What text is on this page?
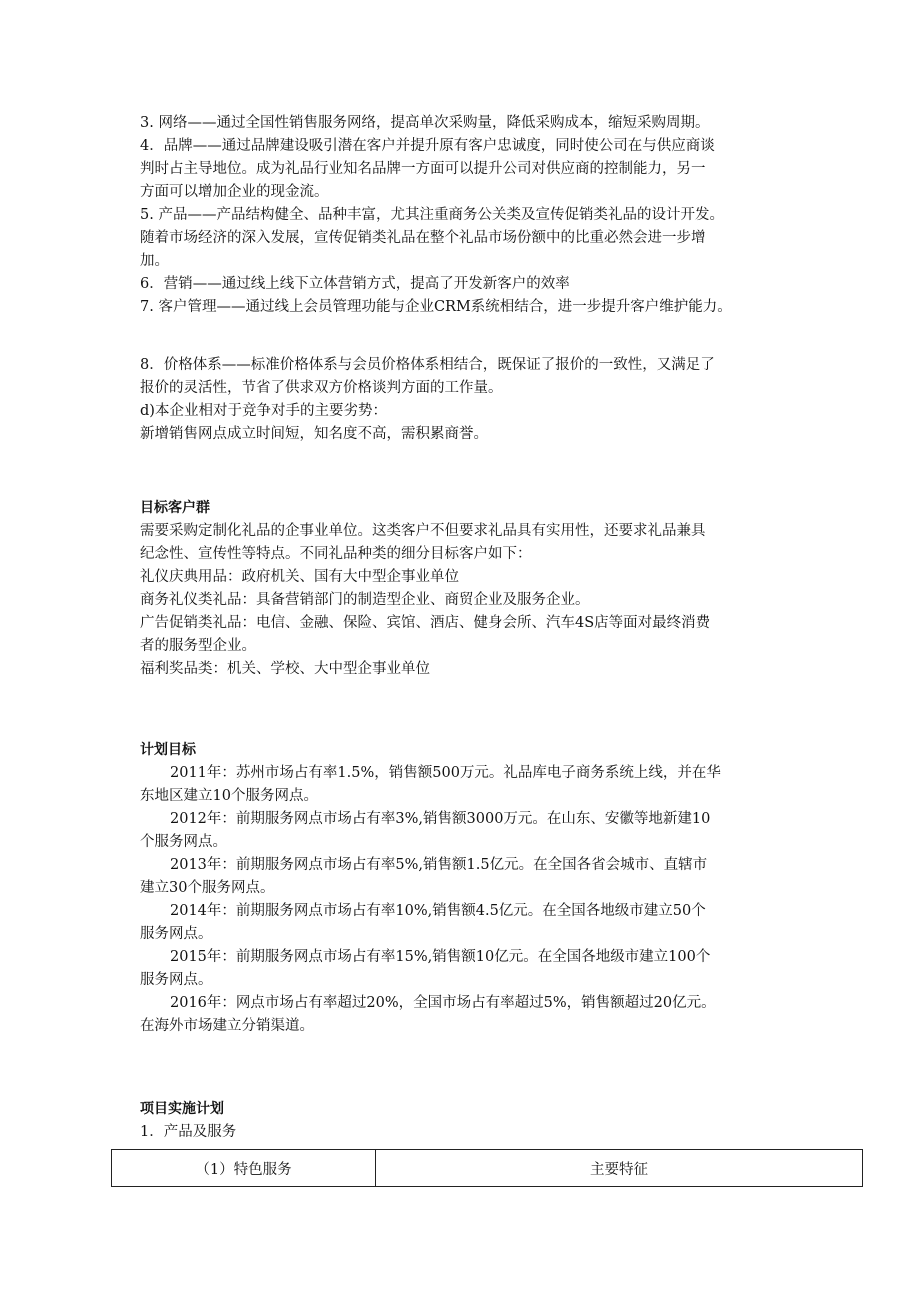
3. 网络——通过全国性销售服务网络，提高单次采购量，降低采购成本，缩短采购周期。
4．品牌——通过品牌建设吸引潜在客户并提升原有客户忠诚度，同时使公司在与供应商谈
判时占主导地位。成为礼品行业知名品牌一方面可以提升公司对供应商的控制能力，另一
方面可以增加企业的现金流。
5. 产品——产品结构健全、品种丰富，尤其注重商务公关类及宣传促销类礼品的设计开发。
随着市场经济的深入发展，宣传促销类礼品在整个礼品市场份额中的比重必然会进一步增
加。
6．营销——通过线上线下立体营销方式，提高了开发新客户的效率
7. 客户管理——通过线上会员管理功能与企业CRM系统相结合，进一步提升客户维护能力。
8．价格体系——标准价格体系与会员价格体系相结合，既保证了报价的一致性，又满足了
报价的灵活性，节省了供求双方价格谈判方面的工作量。
d)本企业相对于竞争对手的主要劣势：
新增销售网点成立时间短，知名度不高，需积累商誉。
目标客户群
需要采购定制化礼品的企事业单位。这类客户不但要求礼品具有实用性，还要求礼品兼具
纪念性、宣传性等特点。不同礼品种类的细分目标客户如下：
礼仪庆典用品：政府机关、国有大中型企事业单位
商务礼仪类礼品：具备营销部门的制造型企业、商贸企业及服务企业。
广告促销类礼品：电信、金融、保险、宾馆、酒店、健身会所、汽车4S店等面对最终消费
者的服务型企业。
福利奖品类：机关、学校、大中型企事业单位
计划目标
2011年：苏州市场占有率1.5%，销售额500万元。礼品库电子商务系统上线，并在华
东地区建立10个服务网点。
2012年：前期服务网点市场占有率3%,销售额3000万元。在山东、安徽等地新建10
个服务网点。
2013年：前期服务网点市场占有率5%,销售额1.5亿元。在全国各省会城市、直辖市
建立30个服务网点。
2014年：前期服务网点市场占有率10%,销售额4.5亿元。在全国各地级市建立50个
服务网点。
2015年：前期服务网点市场占有率15%,销售额10亿元。在全国各地级市建立100个
服务网点。
2016年：网点市场占有率超过20%，全国市场占有率超过5%，销售额超过20亿元。
在海外市场建立分销渠道。
项目实施计划
1．产品及服务
（1）特色服务	主要特征
